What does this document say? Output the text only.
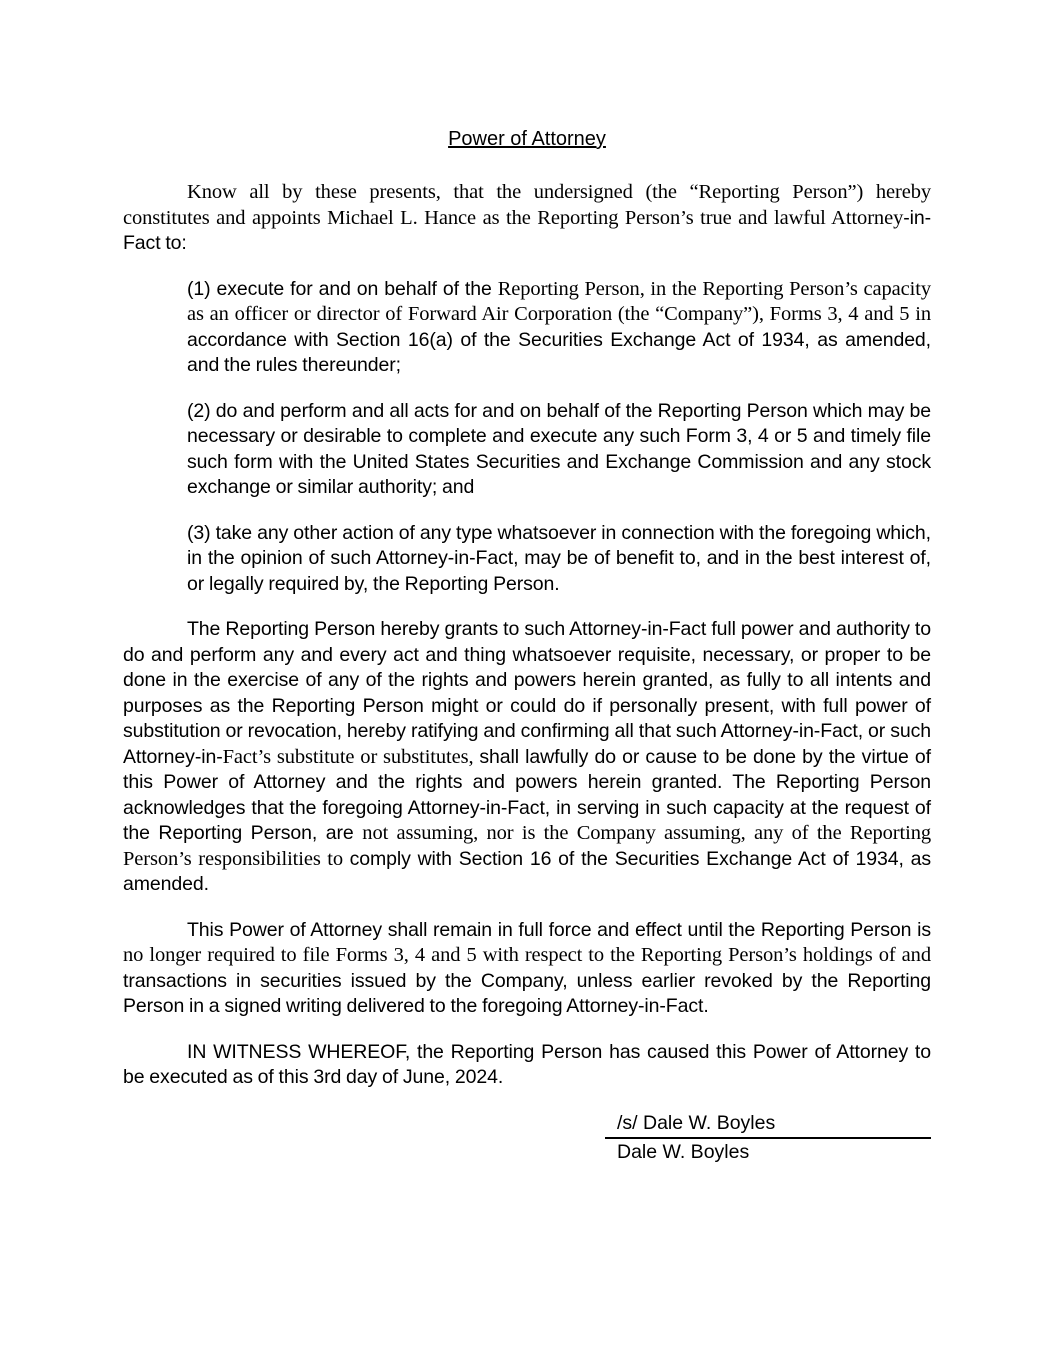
Power of Attorney

Know all by these presents, that the undersigned (the “Reporting Person”) hereby constitutes and appoints Michael L. Hance as the Reporting Person’s true and lawful Attorney-in-Fact to:

(1) execute for and on behalf of the Reporting Person, in the Reporting Person’s capacity as an officer or director of Forward Air Corporation (the “Company”), Forms 3, 4 and 5 in accordance with Section 16(a) of the Securities Exchange Act of 1934, as amended, and the rules thereunder;

(2) do and perform and all acts for and on behalf of the Reporting Person which may be necessary or desirable to complete and execute any such Form 3, 4 or 5 and timely file such form with the United States Securities and Exchange Commission and any stock exchange or similar authority; and

(3) take any other action of any type whatsoever in connection with the foregoing which, in the opinion of such Attorney-in-Fact, may be of benefit to, and in the best interest of, or legally required by, the Reporting Person.

The Reporting Person hereby grants to such Attorney-in-Fact full power and authority to do and perform any and every act and thing whatsoever requisite, necessary, or proper to be done in the exercise of any of the rights and powers herein granted, as fully to all intents and purposes as the Reporting Person might or could do if personally present, with full power of substitution or revocation, hereby ratifying and confirming all that such Attorney-in-Fact, or such Attorney-in-Fact’s substitute or substitutes, shall lawfully do or cause to be done by the virtue of this Power of Attorney and the rights and powers herein granted. The Reporting Person acknowledges that the foregoing Attorney-in-Fact, in serving in such capacity at the request of the Reporting Person, are not assuming, nor is the Company assuming, any of the Reporting Person’s responsibilities to comply with Section 16 of the Securities Exchange Act of 1934, as amended.

This Power of Attorney shall remain in full force and effect until the Reporting Person is no longer required to file Forms 3, 4 and 5 with respect to the Reporting Person’s holdings of and transactions in securities issued by the Company, unless earlier revoked by the Reporting Person in a signed writing delivered to the foregoing Attorney-in-Fact.

IN WITNESS WHEREOF, the Reporting Person has caused this Power of Attorney to be executed as of this 3rd day of June, 2024.

/s/ Dale W. Boyles
Dale W. Boyles
